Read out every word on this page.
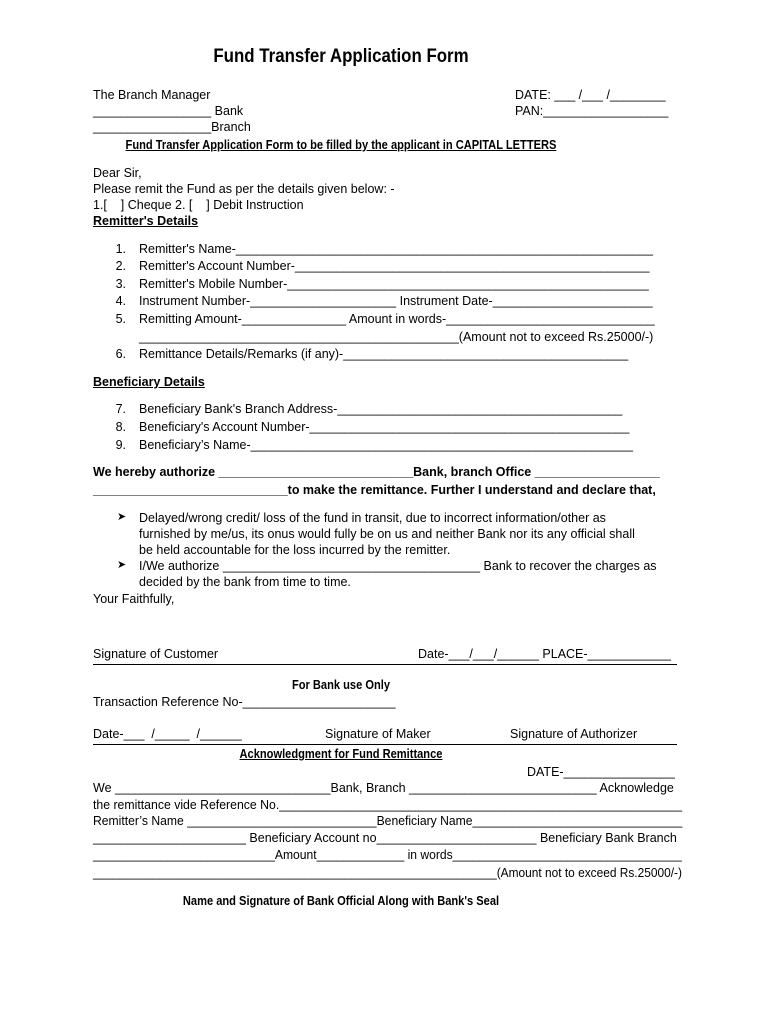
Fund Transfer Application Form
The Branch Manager
_________________ Bank
_________________Branch
DATE: ___ /___ /________
PAN:__________________
Fund Transfer Application Form to be filled by the applicant in CAPITAL LETTERS
Dear Sir,
Please remit the Fund as per the details given below: -
1.[    ] Cheque 2. [    ] Debit Instruction
Remitter's Details
1. Remitter's Name-____________________________________________________________
2. Remitter's Account Number-___________________________________________________
3. Remitter's Mobile Number-____________________________________________________
4. Instrument Number-_____________________ Instrument Date-_______________________
5. Remitting Amount-_______________ Amount in words-______________________________
______________________________________________(Amount not to exceed Rs.25000/-)
6. Remittance Details/Remarks (if any)-_________________________________________
Beneficiary Details
7. Beneficiary Bank's Branch Address-_________________________________________
8. Beneficiary's Account Number-______________________________________________
9. Beneficiary’s Name-_______________________________________________________
We hereby authorize ____________________________Bank, branch Office __________________
____________________________to make the remittance. Further I understand and declare that,
➤ Delayed/wrong credit/ loss of the fund in transit, due to incorrect information/other as
furnished by me/us, its onus would fully be on us and neither Bank nor its any official shall
be held accountable for the loss incurred by the remitter.
➤ I/We authorize _____________________________________ Bank to recover the charges as
decided by the bank from time to time.
Your Faithfully,
Signature of Customer	Date-___/___/______ PLACE-____________
For Bank use Only
Transaction Reference No-______________________
Date-___  /_____  /______	Signature of Maker	Signature of Authorizer
Acknowledgment for Fund Remittance
DATE-________________
We _______________________________Bank, Branch ___________________________ Acknowledge
the remittance vide Reference No.___________________________________________________________
Remitter’s Name ____________________________Beneficiary Name_______________________________
______________________ Beneficiary Account no_______________________ Beneficiary Bank Branch
___________________________Amount_____________ in words__________________________________
_____________________________________________________________(Amount not to exceed Rs.25000/-)
Name and Signature of Bank Official Along with Bank's Seal
